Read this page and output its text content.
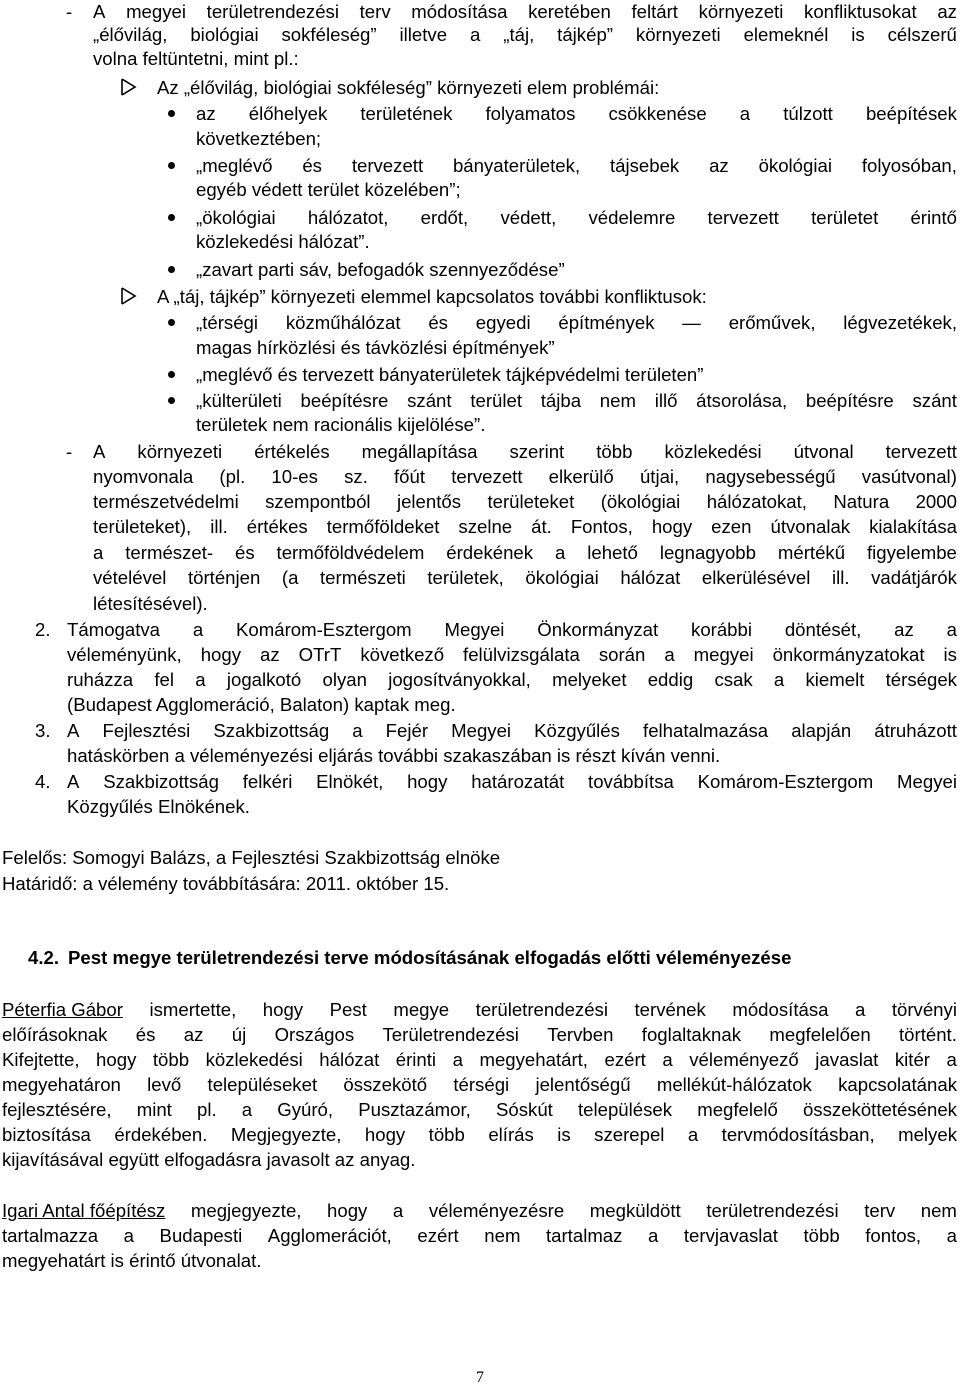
- A megyei területrendezési terv módosítása keretében feltárt környezeti konfliktusokat az
„élővilág, biológiai sokféleség” illetve a „táj, tájkép” környezeti elemeknél is célszerű
volna feltüntetni, mint pl.:
Az „élővilág, biológiai sokféleség” környezeti elem problémái:
az élőhelyek területének folyamatos csökkenése a túlzott beépítések
következtében;
„meglévő és tervezett bányaterületek, tájsebek az ökológiai folyosóban,
egyéb védett terület közelében”;
„ökológiai hálózatot, erdőt, védett, védelemre tervezett területet érintő
közlekedési hálózat”.
„zavart parti sáv, befogadók szennyeződése”
A „táj, tájkép” környezeti elemmel kapcsolatos további konfliktusok:
„térségi közműhálózat és egyedi építmények — erőművek, légvezetékek,
magas hírközlési és távközlési építmények”
„meglévő és tervezett bányaterületek tájképvédelmi területen”
„külterületi beépítésre szánt terület tájba nem illő átsorolása, beépítésre szánt
területek nem racionális kijelölése”.
- A környezeti értékelés megállapítása szerint több közlekedési útvonal tervezett
nyomvonala (pl. 10-es sz. főút tervezett elkerülő útjai, nagysebességű vasútvonal)
természetvédelmi szempontból jelentős területeket (ökológiai hálózatokat, Natura 2000
területeket), ill. értékes termőföldeket szelne át. Fontos, hogy ezen útvonalak kialakítása
a természet- és termőföldvédelem érdekének a lehető legnagyobb mértékű figyelembe
vételével történjen (a természeti területek, ökológiai hálózat elkerülésével ill. vadátjárók
létesítésével).
2. Támogatva a Komárom-Esztergom Megyei Önkormányzat korábbi döntését, az a
véleményünk, hogy az OTrT következő felülvizsgálata során a megyei önkormányzatokat is
ruházza fel a jogalkotó olyan jogosítványokkal, melyeket eddig csak a kiemelt térségek
(Budapest Agglomeráció, Balaton) kaptak meg.
3. A Fejlesztési Szakbizottság a Fejér Megyei Közgyűlés felhatalmazása alapján átruházott
hatáskörben a véleményezési eljárás további szakaszában is részt kíván venni.
4. A Szakbizottság felkéri Elnökét, hogy határozatát továbbítsa Komárom-Esztergom Megyei
Közgyűlés Elnökének.
Felelős: Somogyi Balázs, a Fejlesztési Szakbizottság elnöke
Határidő: a vélemény továbbítására: 2011. október 15.
4.2. Pest megye területrendezési terve módosításának elfogadás előtti véleményezése
Péterfia Gábor ismertette, hogy Pest megye területrendezési tervének módosítása a törvényi
előírásoknak és az új Országos Területrendezési Tervben foglaltaknak megfelelően történt.
Kifejtette, hogy több közlekedési hálózat érinti a megyehatárt, ezért a véleményező javaslat kitér a
megyehatáron levő településeket összekötő térségi jelentőségű mellékút-hálózatok kapcsolatának
fejlesztésére, mint pl. a Gyúró, Pusztazámor, Sóskút települések megfelelő összeköttetésének
biztosítása érdekében. Megjegyezte, hogy több elírás is szerepel a tervmódosításban, melyek
kijavításával együtt elfogadásra javasolt az anyag.
Igari Antal főépítész megjegyezte, hogy a véleményezésre megküldött területrendezési terv nem
tartalmazza a Budapesti Agglomerációt, ezért nem tartalmaz a tervjavaslat több fontos, a
megyehatárt is érintő útvonalat.
7
